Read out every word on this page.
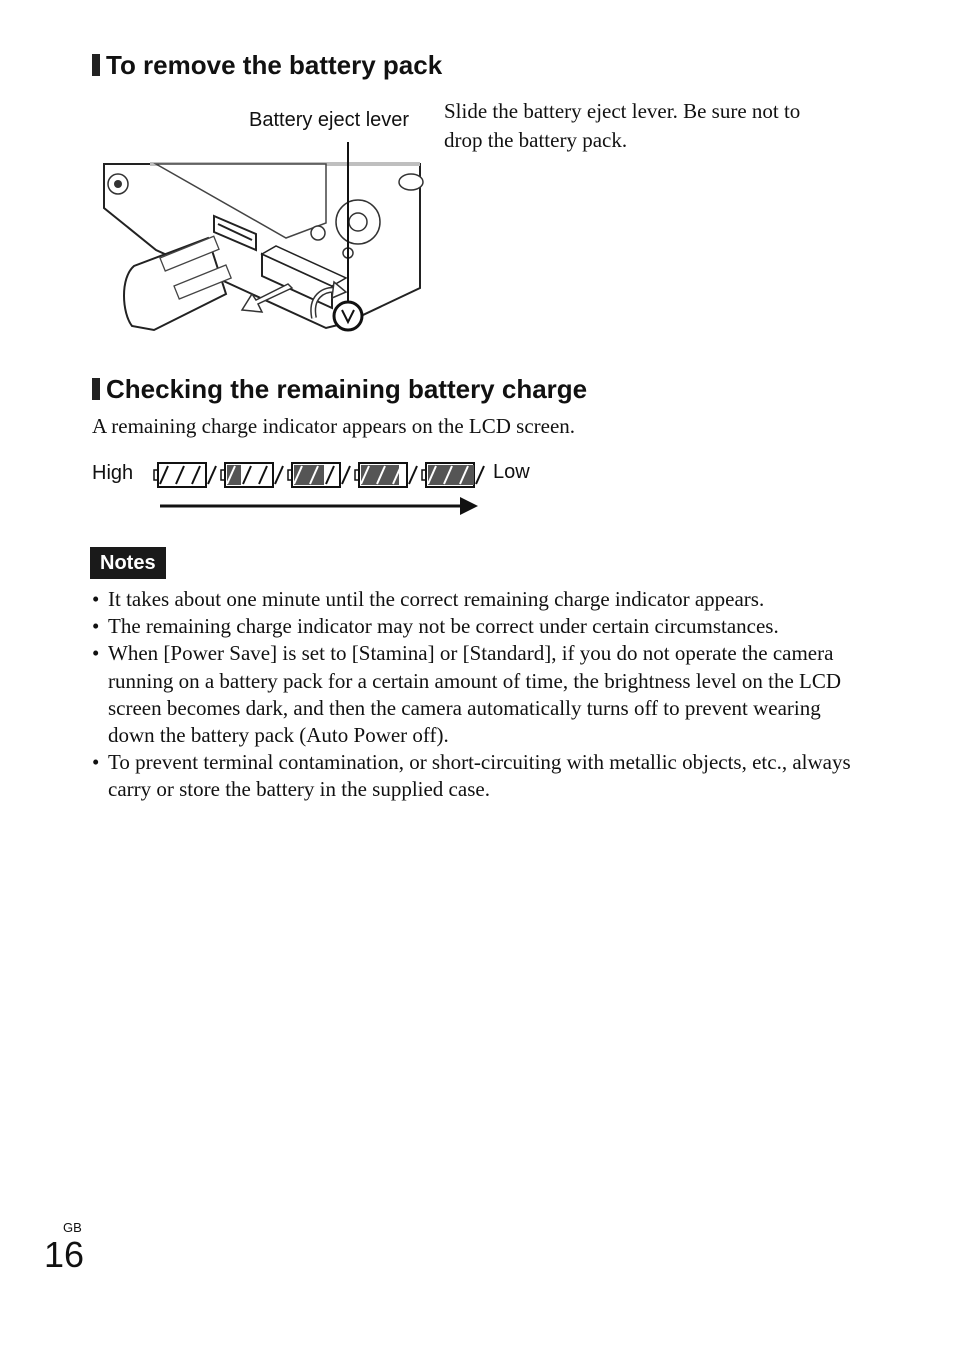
To remove the battery pack
Battery eject lever Slide the battery eject lever. Be sure not to drop the battery pack.
Checking the remaining battery charge
A remaining charge indicator appears on the LCD screen.
High	Low
Notes
• It takes about one minute until the correct remaining charge indicator appears.
• The remaining charge indicator may not be correct under certain circumstances.
• When [Power Save] is set to [Stamina] or [Standard], if you do not operate the camera running on a battery pack for a certain amount of time, the brightness level on the LCD screen becomes dark, and then the camera automatically turns off to prevent wearing down the battery pack (Auto Power off).
• To prevent terminal contamination, or short-circuiting with metallic objects, etc., always carry or store the battery in the supplied case.
GB
16
